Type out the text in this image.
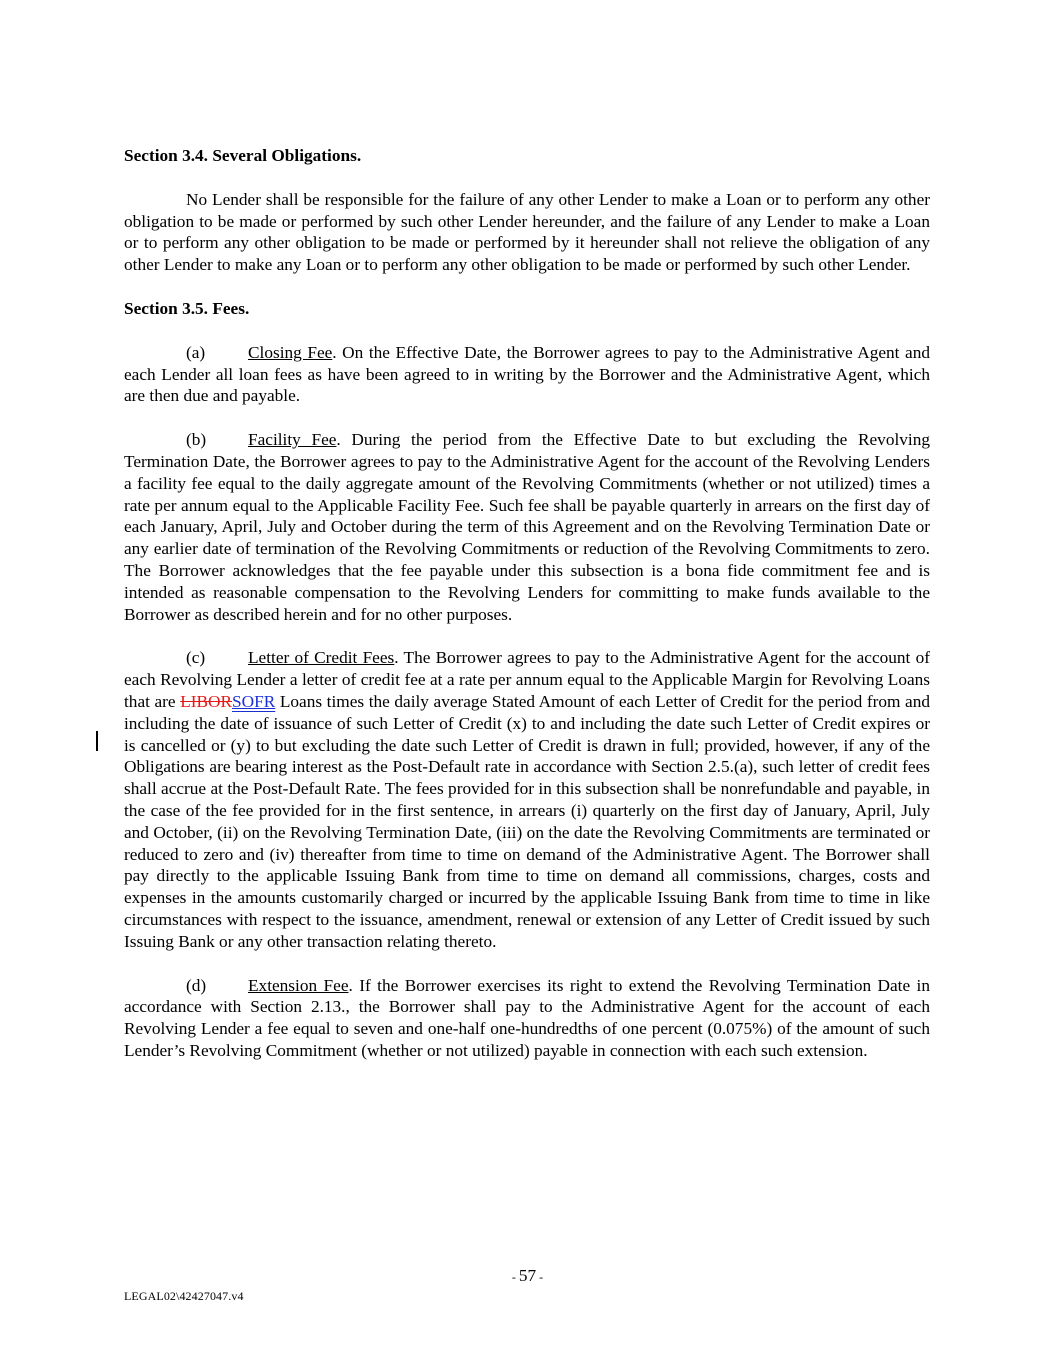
Section 3.4. Several Obligations.

No Lender shall be responsible for the failure of any other Lender to make a Loan or to perform any other obligation to be made or performed by such other Lender hereunder, and the failure of any Lender to make a Loan or to perform any other obligation to be made or performed by it hereunder shall not relieve the obligation of any other Lender to make any Loan or to perform any other obligation to be made or performed by such other Lender.

Section 3.5. Fees.

(a) Closing Fee. On the Effective Date, the Borrower agrees to pay to the Administrative Agent and each Lender all loan fees as have been agreed to in writing by the Borrower and the Administrative Agent, which are then due and payable.

(b) Facility Fee. During the period from the Effective Date to but excluding the Revolving Termination Date, the Borrower agrees to pay to the Administrative Agent for the account of the Revolving Lenders a facility fee equal to the daily aggregate amount of the Revolving Commitments (whether or not utilized) times a rate per annum equal to the Applicable Facility Fee. Such fee shall be payable quarterly in arrears on the first day of each January, April, July and October during the term of this Agreement and on the Revolving Termination Date or any earlier date of termination of the Revolving Commitments or reduction of the Revolving Commitments to zero. The Borrower acknowledges that the fee payable under this subsection is a bona fide commitment fee and is intended as reasonable compensation to the Revolving Lenders for committing to make funds available to the Borrower as described herein and for no other purposes.

(c) Letter of Credit Fees. The Borrower agrees to pay to the Administrative Agent for the account of each Revolving Lender a letter of credit fee at a rate per annum equal to the Applicable Margin for Revolving Loans that are LIBORSOFR Loans times the daily average Stated Amount of each Letter of Credit for the period from and including the date of issuance of such Letter of Credit (x) to and including the date such Letter of Credit expires or is cancelled or (y) to but excluding the date such Letter of Credit is drawn in full; provided, however, if any of the Obligations are bearing interest as the Post-Default rate in accordance with Section 2.5.(a), such letter of credit fees shall accrue at the Post-Default Rate. The fees provided for in this subsection shall be nonrefundable and payable, in the case of the fee provided for in the first sentence, in arrears (i) quarterly on the first day of January, April, July and October, (ii) on the Revolving Termination Date, (iii) on the date the Revolving Commitments are terminated or reduced to zero and (iv) thereafter from time to time on demand of the Administrative Agent. The Borrower shall pay directly to the applicable Issuing Bank from time to time on demand all commissions, charges, costs and expenses in the amounts customarily charged or incurred by the applicable Issuing Bank from time to time in like circumstances with respect to the issuance, amendment, renewal or extension of any Letter of Credit issued by such Issuing Bank or any other transaction relating thereto.

(d) Extension Fee. If the Borrower exercises its right to extend the Revolving Termination Date in accordance with Section 2.13., the Borrower shall pay to the Administrative Agent for the account of each Revolving Lender a fee equal to seven and one-half one-hundredths of one percent (0.075%) of the amount of such Lender’s Revolving Commitment (whether or not utilized) payable in connection with each such extension.

- 57 -
LEGAL02\42427047.v4
